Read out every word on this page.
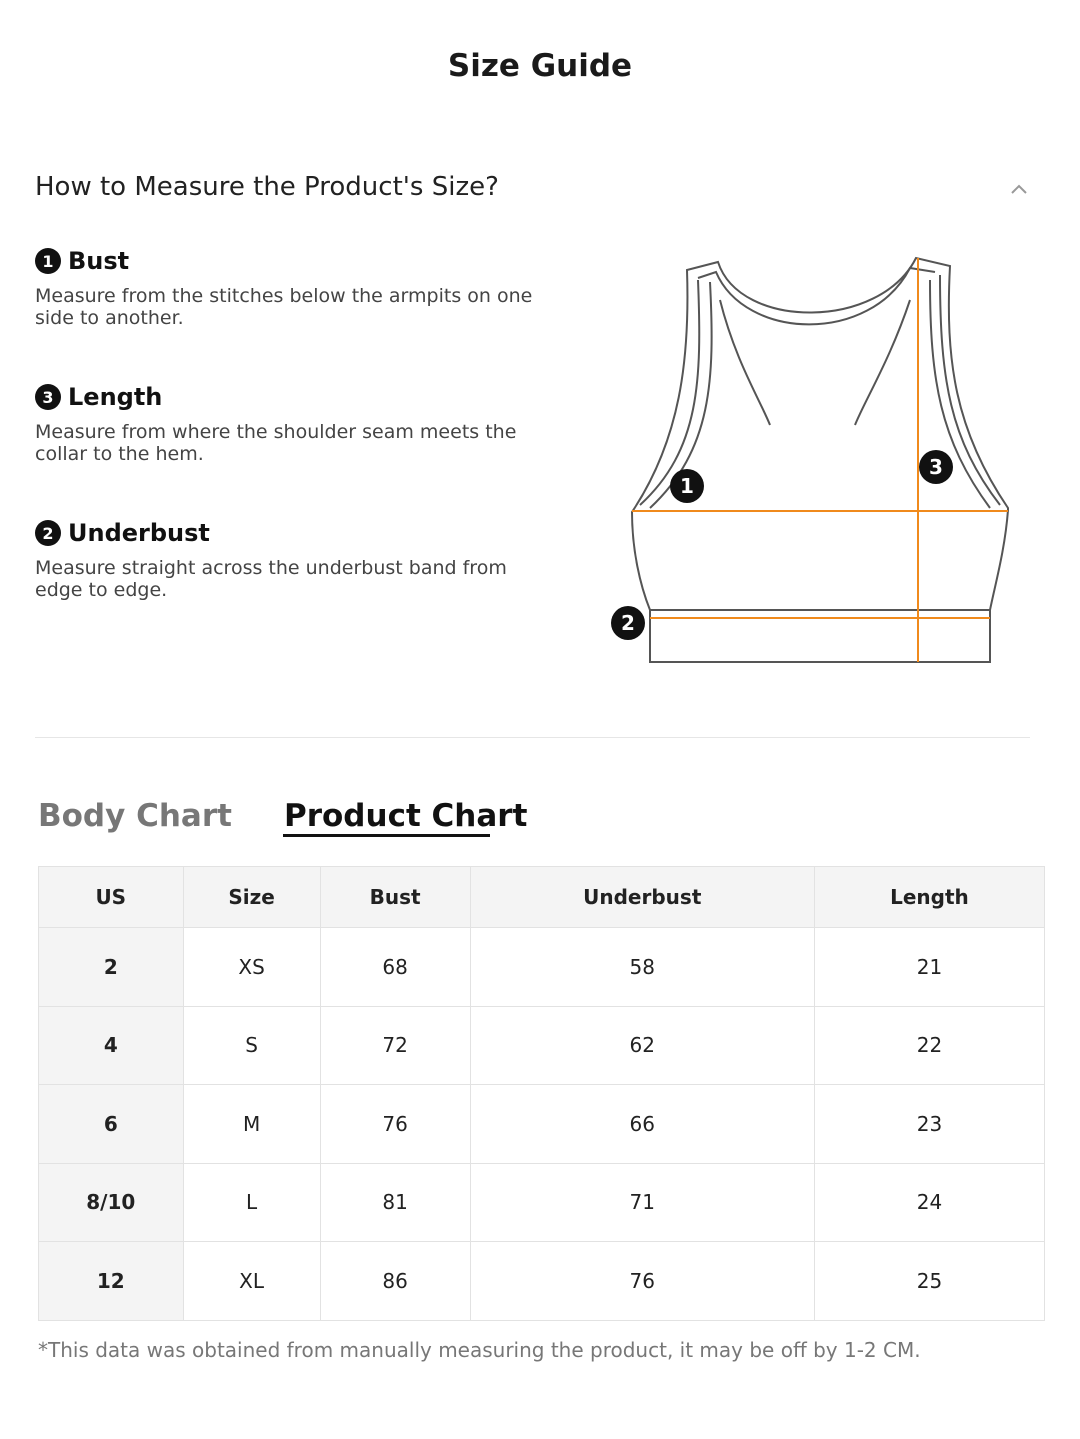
Size Guide
How to Measure the Product's Size?
1 Bust
Measure from the stitches below the armpits on one side to another.
3 Length
Measure from where the shoulder seam meets the collar to the hem.
2 Underbust
Measure straight across the underbust band from edge to edge.
1
2
3
Body Chart Product Chart
US	Size	Bust	Underbust	Length
2	XS	68	58	21
4	S	72	62	22
6	M	76	66	23
8/10	L	81	71	24
12	XL	86	76	25
*This data was obtained from manually measuring the product, it may be off by 1-2 CM.
